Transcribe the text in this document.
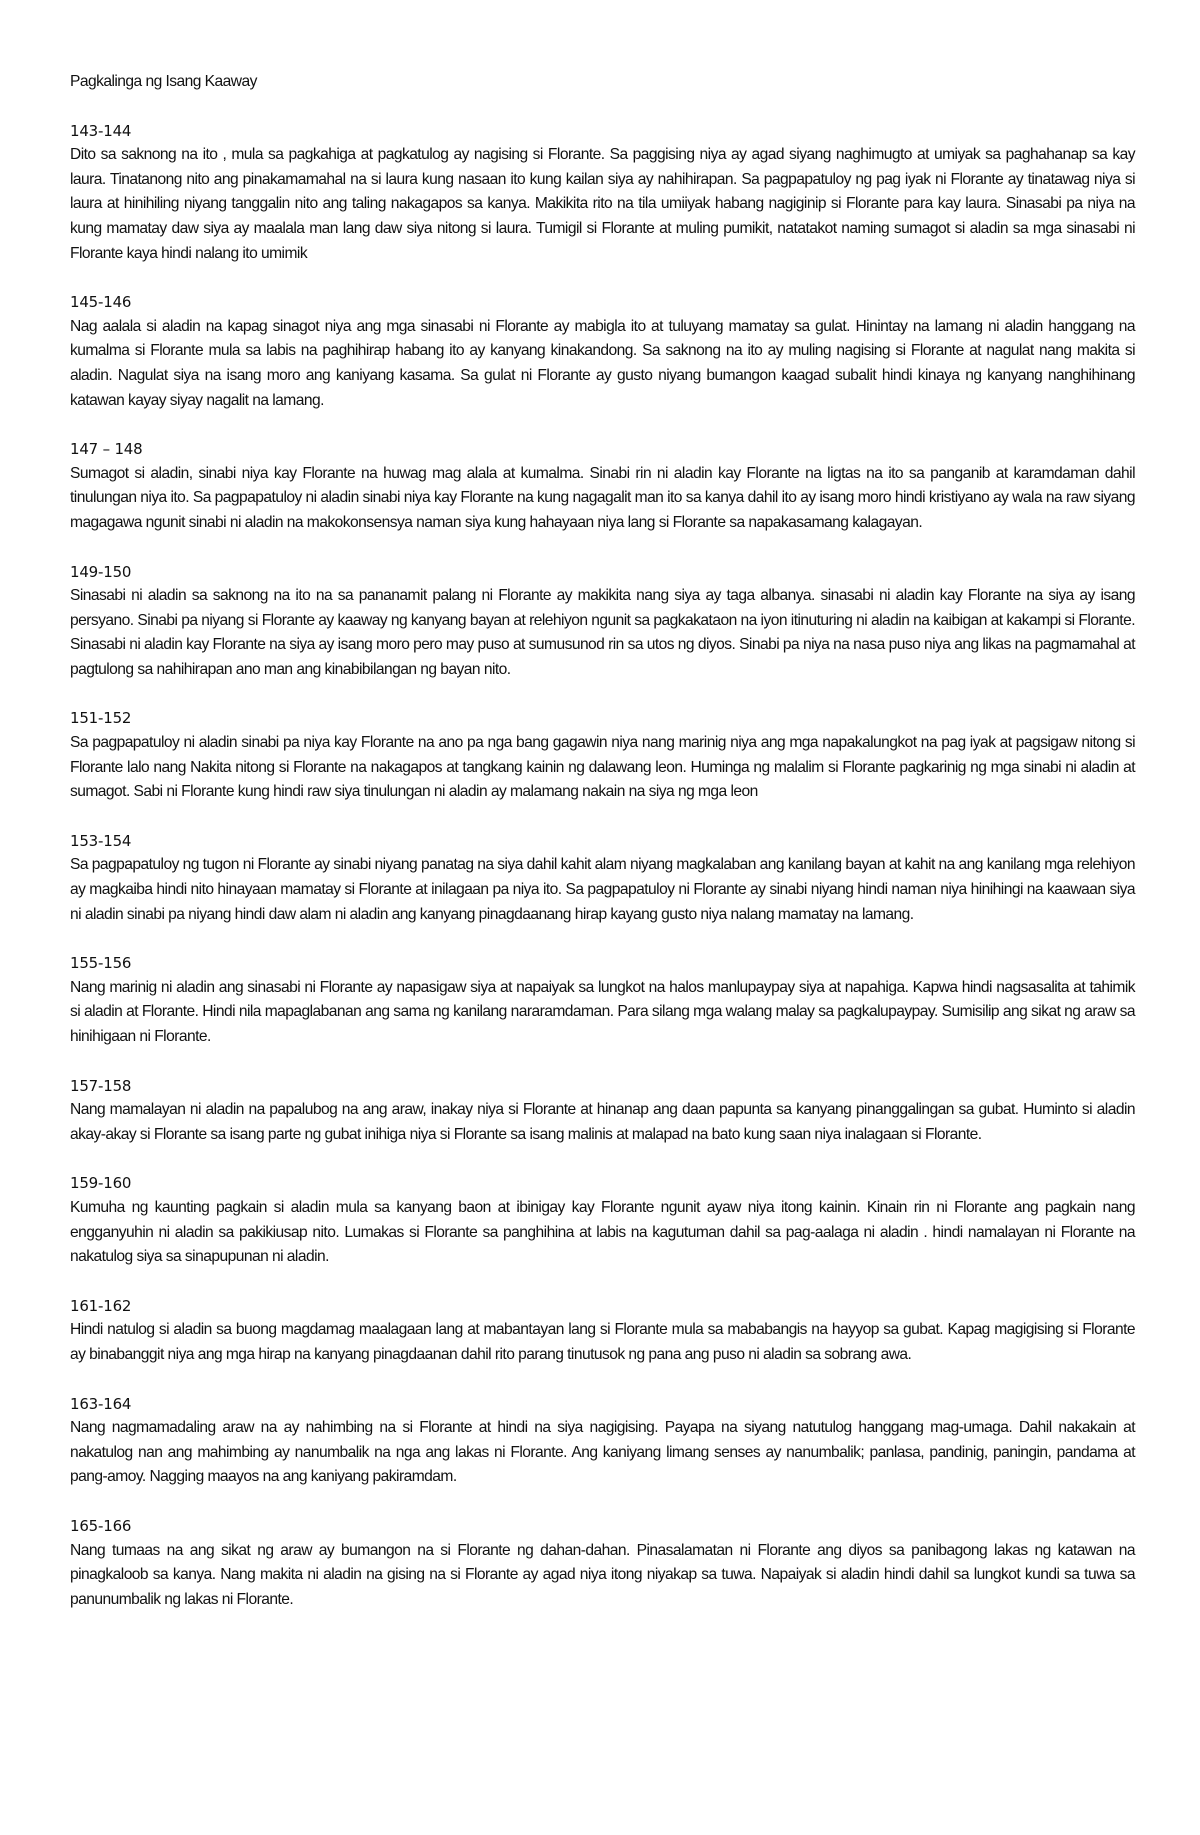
Pagkalinga ng Isang Kaaway

143-144

Dito sa saknong na ito , mula sa pagkahiga at pagkatulog ay nagising si Florante. Sa paggising niya ay agad siyang naghimugto at umiyak sa paghahanap sa kay laura. Tinatanong nito ang pinakamamahal na si laura kung nasaan ito kung kailan siya ay nahihirapan. Sa pagpapatuloy ng pag iyak ni Florante ay tinatawag niya si laura at hinihiling niyang tanggalin nito ang taling nakagapos sa kanya. Makikita rito na tila umiiyak habang nagiginip si Florante para kay laura. Sinasabi pa niya na kung mamatay daw siya ay maalala man lang daw siya nitong si laura. Tumigil si Florante at muling pumikit, natatakot naming sumagot si aladin sa mga sinasabi ni Florante kaya hindi nalang ito umimik

145-146

Nag aalala si aladin na kapag sinagot niya ang mga sinasabi ni Florante ay mabigla ito at tuluyang mamatay sa gulat. Hinintay na lamang ni aladin hanggang na kumalma si Florante mula sa labis na paghihirap habang ito ay kanyang kinakandong. Sa saknong na ito ay muling nagising si Florante at nagulat nang makita si aladin. Nagulat siya na isang moro ang kaniyang kasama. Sa gulat ni Florante ay gusto niyang bumangon kaagad subalit hindi kinaya ng kanyang nanghihinang katawan kayay siyay nagalit na lamang.

147 – 148

Sumagot si aladin, sinabi niya kay Florante na huwag mag alala at kumalma. Sinabi rin ni aladin kay Florante na ligtas na ito sa panganib at karamdaman dahil tinulungan niya ito. Sa pagpapatuloy ni aladin sinabi niya kay Florante na kung nagagalit man ito sa kanya dahil ito ay isang moro hindi kristiyano ay wala na raw siyang magagawa ngunit sinabi ni aladin na makokonsensya naman siya kung hahayaan niya lang si Florante sa napakasamang kalagayan.

149-150

Sinasabi ni aladin sa saknong na ito na sa pananamit palang ni Florante ay makikita nang siya ay taga albanya. sinasabi ni aladin kay Florante na siya ay isang persyano. Sinabi pa niyang si Florante ay kaaway ng kanyang bayan at relehiyon ngunit sa pagkakataon na iyon itinuturing ni aladin na kaibigan at kakampi si Florante. Sinasabi ni aladin kay Florante na siya ay isang moro pero may puso at sumusunod rin sa utos ng diyos. Sinabi pa niya na nasa puso niya ang likas na pagmamahal at pagtulong sa nahihirapan ano man ang kinabibilangan ng bayan nito.

151-152

Sa pagpapatuloy ni aladin sinabi pa niya kay Florante na ano pa nga bang gagawin niya nang marinig niya ang mga napakalungkot na pag iyak at pagsigaw nitong si Florante lalo nang Nakita nitong si Florante na nakagapos at tangkang kainin ng dalawang leon. Huminga ng malalim si Florante pagkarinig ng mga sinabi ni aladin at sumagot. Sabi ni Florante kung hindi raw siya tinulungan ni aladin ay malamang nakain na siya ng mga leon

153-154

Sa pagpapatuloy ng tugon ni Florante ay sinabi niyang panatag na siya dahil kahit alam niyang magkalaban ang kanilang bayan at kahit na ang kanilang mga relehiyon ay magkaiba hindi nito hinayaan mamatay si Florante at inilagaan pa niya ito. Sa pagpapatuloy ni Florante ay sinabi niyang hindi naman niya hinihingi na kaawaan siya ni aladin sinabi pa niyang hindi daw alam ni aladin ang kanyang pinagdaanang hirap kayang gusto niya nalang mamatay na lamang.

155-156

Nang marinig ni aladin ang sinasabi ni Florante ay napasigaw siya at napaiyak sa lungkot na halos manlupaypay siya at napahiga. Kapwa hindi nagsasalita at tahimik si aladin at Florante. Hindi nila mapaglabanan ang sama ng kanilang nararamdaman. Para silang mga walang malay sa pagkalupaypay. Sumisilip ang sikat ng araw sa hinihigaan ni Florante.

157-158

Nang mamalayan ni aladin na papalubog na ang araw, inakay niya si Florante at hinanap ang daan papunta sa kanyang pinanggalingan sa gubat. Huminto si aladin akay-akay si Florante sa isang parte ng gubat inihiga niya si Florante sa isang malinis at malapad na bato kung saan niya inalagaan si Florante.

159-160

Kumuha ng kaunting pagkain si aladin mula sa kanyang baon at ibinigay kay Florante ngunit ayaw niya itong kainin. Kinain rin ni Florante ang pagkain nang engganyuhin ni aladin sa pakikiusap nito. Lumakas si Florante sa panghihina at labis na kagutuman dahil sa pag-aalaga ni aladin . hindi namalayan ni Florante na nakatulog siya sa sinapupunan ni aladin.

161-162

Hindi natulog si aladin sa buong magdamag maalagaan lang at mabantayan lang si Florante mula sa mababangis na hayyop sa gubat. Kapag magigising si Florante ay binabanggit niya ang mga hirap na kanyang pinagdaanan dahil rito parang tinutusok ng pana ang puso ni aladin sa sobrang awa.

163-164

Nang nagmamadaling araw na ay nahimbing na si Florante at hindi na siya nagigising. Payapa na siyang natutulog hanggang mag-umaga. Dahil nakakain at nakatulog nan ang mahimbing ay nanumbalik na nga ang lakas ni Florante. Ang kaniyang limang senses ay nanumbalik; panlasa, pandinig, paningin, pandama at pang-amoy. Nagging maayos na ang kaniyang pakiramdam.

165-166

Nang tumaas na ang sikat ng araw ay bumangon na si Florante ng dahan-dahan. Pinasalamatan ni Florante ang diyos sa panibagong lakas ng katawan na pinagkaloob sa kanya. Nang makita ni aladin na gising na si Florante ay agad niya itong niyakap sa tuwa. Napaiyak si aladin hindi dahil sa lungkot kundi sa tuwa sa panunumbalik ng lakas ni Florante.
